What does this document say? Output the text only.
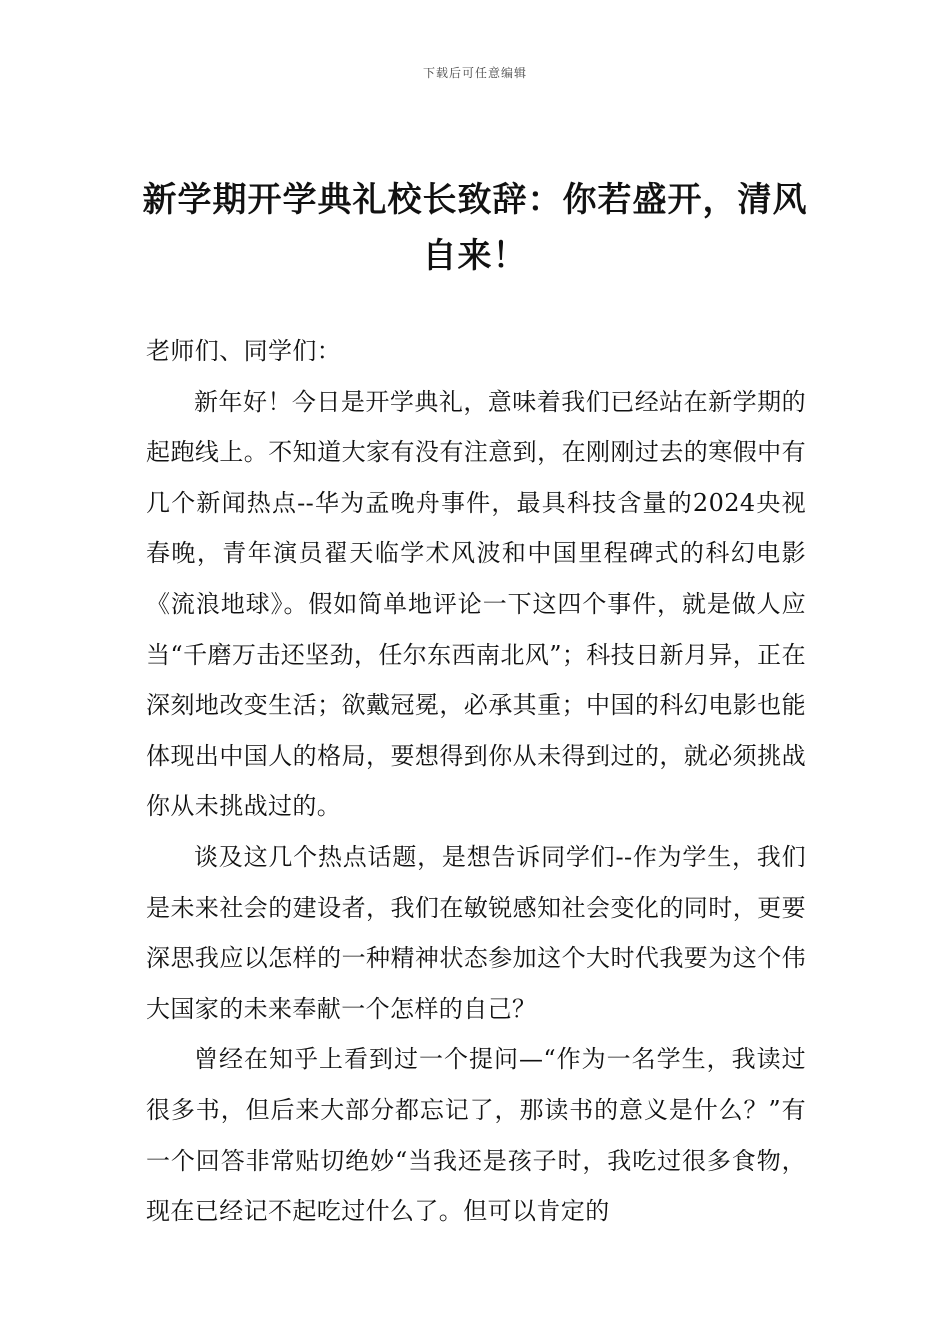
下载后可任意编辑
新学期开学典礼校长致辞：你若盛开，清风自来！

老师们、同学们：

新年好！今日是开学典礼，意味着我们已经站在新学期的起跑线上。不知道大家有没有注意到，在刚刚过去的寒假中有几个新闻热点--华为孟晚舟事件，最具科技含量的2024央视春晚，青年演员翟天临学术风波和中国里程碑式的科幻电影《流浪地球》。假如简单地评论一下这四个事件，就是做人应当“千磨万击还坚劲，任尔东西南北风”；科技日新月异，正在深刻地改变生活；欲戴冠冕，必承其重；中国的科幻电影也能体现出中国人的格局，要想得到你从未得到过的，就必须挑战你从未挑战过的。

谈及这几个热点话题，是想告诉同学们--作为学生，我们是未来社会的建设者，我们在敏锐感知社会变化的同时，更要深思我应以怎样的一种精神状态参加这个大时代我要为这个伟大国家的未来奉献一个怎样的自己？

曾经在知乎上看到过一个提问—“作为一名学生，我读过很多书，但后来大部分都忘记了，那读书的意义是什么？”有一个回答非常贴切绝妙“当我还是孩子时，我吃过很多食物，现在已经记不起吃过什么了。但可以肯定的
